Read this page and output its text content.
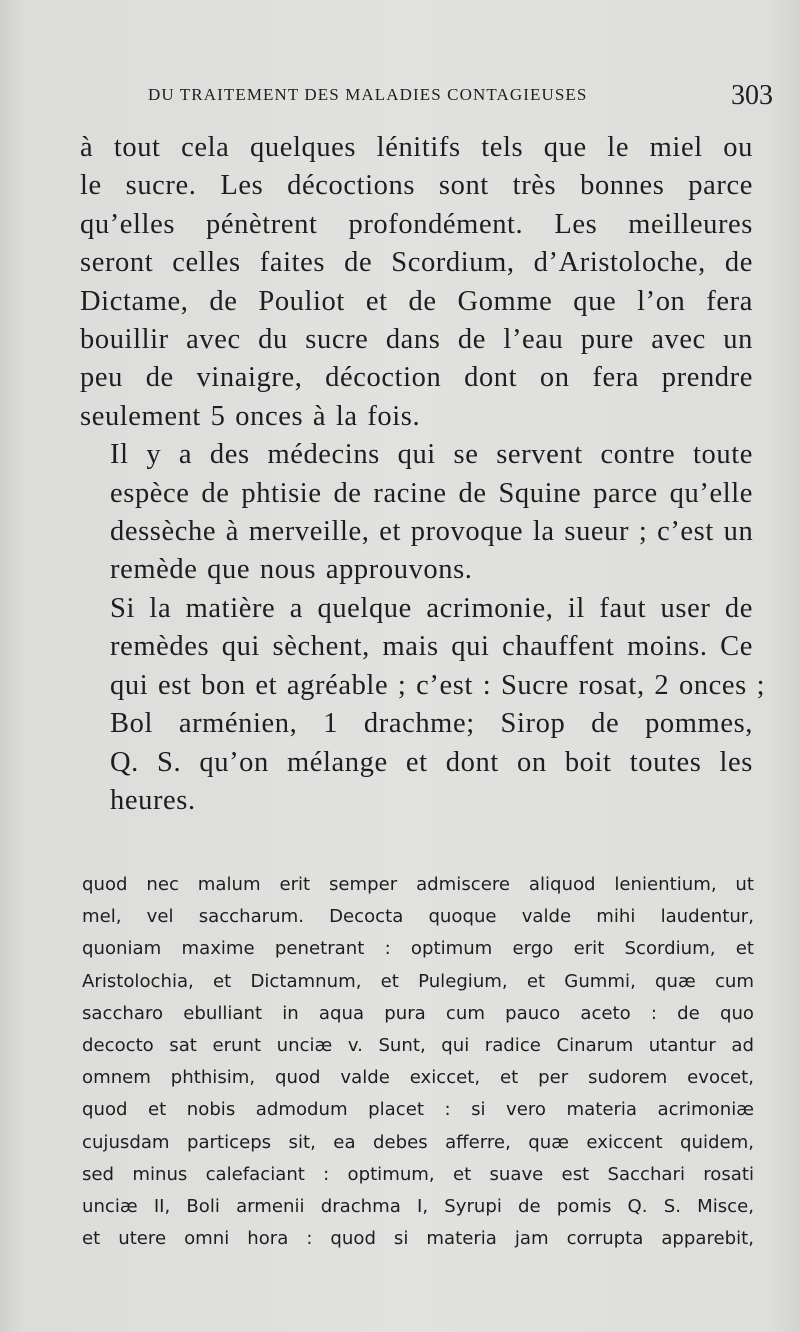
DU TRAITEMENT DES MALADIES CONTAGIEUSES	303

à tout cela quelques lénitifs tels que le miel ou
le sucre. Les décoctions sont très bonnes parce
qu’elles pénètrent profondément. Les meilleures
seront celles faites de Scordium, d’Aristoloche, de
Dictame, de Pouliot et de Gomme que l’on fera
bouillir avec du sucre dans de l’eau pure avec un
peu de vinaigre, décoction dont on fera prendre
seulement 5 onces à la fois.

Il y a des médecins qui se servent contre toute
espèce de phtisie de racine de Squine parce qu’elle
dessèche à merveille, et provoque la sueur ; c’est un
remède que nous approuvons.

Si la matière a quelque acrimonie, il faut user de
remèdes qui sèchent, mais qui chauffent moins. Ce
qui est bon et agréable ; c’est : Sucre rosat, 2 onces ;
Bol arménien, 1 drachme; Sirop de pommes,
Q. S. qu’on mélange et dont on boit toutes les
heures.

quod nec malum erit semper admiscere aliquod lenientium, ut
mel, vel saccharum. Decocta quoque valde mihi laudentur,
quoniam maxime penetrant : optimum ergo erit Scordium, et
Aristolochia, et Dictamnum, et Pulegium, et Gummi, quæ cum
saccharo ebulliant in aqua pura cum pauco aceto : de quo
decocto sat erunt unciæ v. Sunt, qui radice Cinarum utantur ad
omnem phthisim, quod valde exiccet, et per sudorem evocet,
quod et nobis admodum placet : si vero materia acrimoniæ
cujusdam particeps sit, ea debes afferre, quæ exiccent quidem,
sed minus calefaciant : optimum, et suave est Sacchari rosati
unciæ II, Boli armenii drachma I, Syrupi de pomis Q. S. Misce,
et utere omni hora : quod si materia jam corrupta apparebit,
